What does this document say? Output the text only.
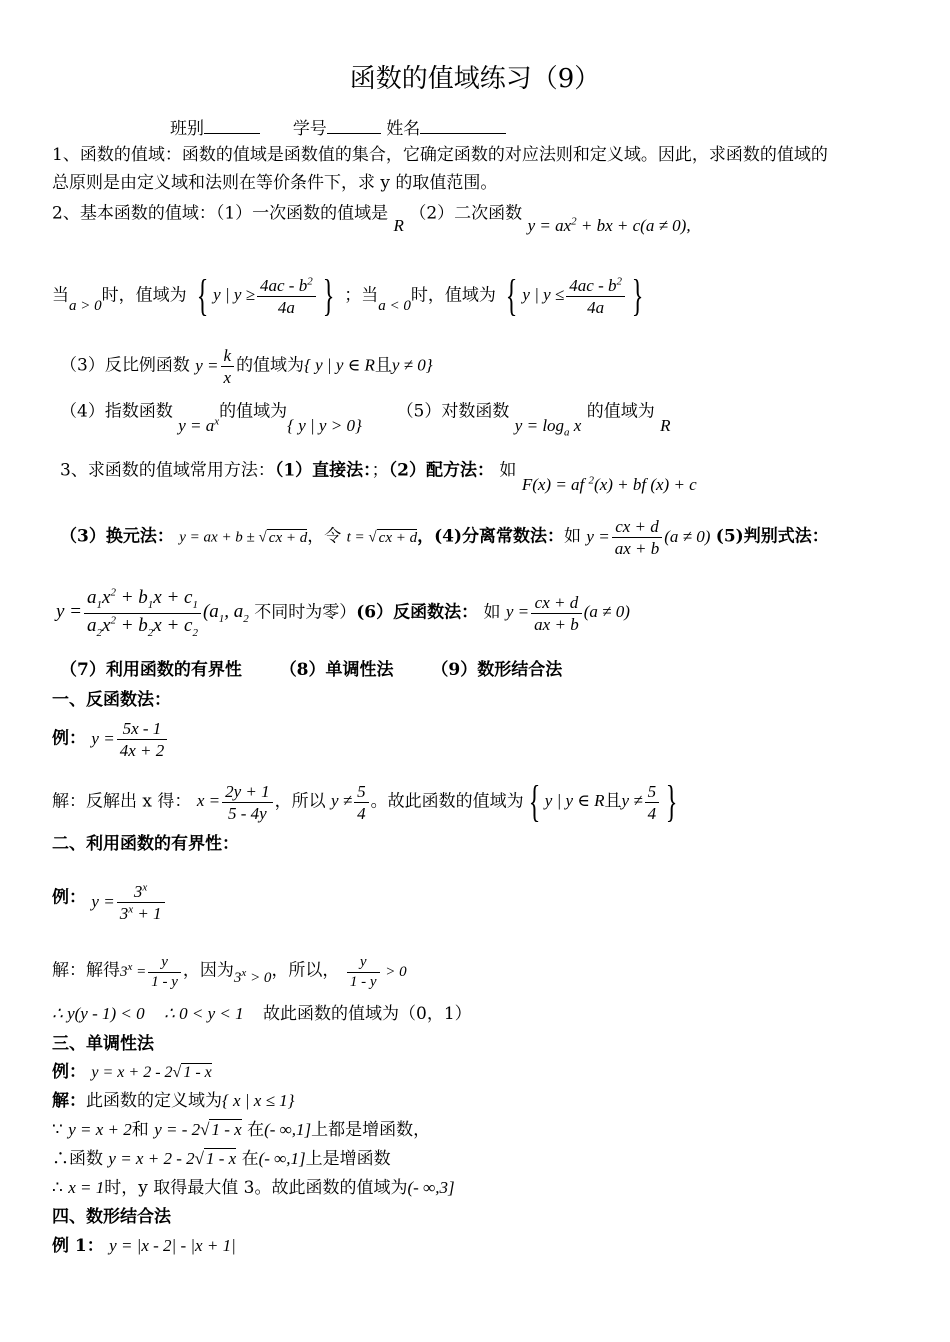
函数的值域练习（9）
班别	学号	姓名
1、函数的值域：函数的值域是函数值的集合，它确定函数的对应法则和定义域。因此，求函数的值域的
总原则是由定义域和法则在等价条件下，求 y 的取值范围。
2、基本函数的值域：（1）一次函数的值域是 R （2）二次函数 $y = ax^2$ + bx + c(a ≠ 0),
当a > 0时，值域为 { y | $y \ge \frac{4ac - b^2}{4a}$ } ；当a < 0时，值域为 { y | $y \le \frac{4ac - b^2}{4a}$ }
（3）反比例函数 $y = \frac{k}{x}$ 的值域为{ y | y ∈ R且y ≠ 0}
（4）指数函数 $y = a^x$的值域为{ y | y > 0}  （5）对数函数 $y = \log_a x$ 的值域为 R
3、求函数的值域常用方法：（1）直接法：；（2）配方法： 如 F(x) = af $^2$(x) + bf (x) + c
（3）换元法： y = ax + b ± √ cx + d，令 t = √ cx + d，(4)分离常数法：如 $y = \frac{cx + d}{ax + b} (a \ne 0)$ (5)判别式法：
$y = \frac{a_1x^2 + b_1x + c_1}{a_2x^2 + b_2x + c_2} (a_1$, $a_2$ 不同时为零）(6）反函数法： 如 $y = \frac{cx + d}{ax + b} (a \ne 0)$
（7）利用函数的有界性 （8）单调性法 （9）数形结合法
一、反函数法：
例： $y = \frac{5x - 1}{4x + 2}$
解：反解出 x 得： $x = \frac{2y + 1}{5 - 4y}$ ，所以 $y \ne \frac{5}{4}$ 。故此函数的值域为 { y | y ∈ R且$y \ne \frac{5}{4}$ }
二、利用函数的有界性：
例： $y = \frac{3^x}{3^x + 1}$
解：解得$3^x = \frac{y}{1 - y}$ ，因为$3^x > 0$，所以， $\frac{y}{1 - y} > 0$
∴ y(y - 1) < 0 ∴ 0 < y < 1 故此函数的值域为（0，1）
三、单调性法
例： y = x + 2 - 2√ 1 - x
解：此函数的定义域为{ x | x ≤ 1}
∵ y = x + 2和 y = - 2√ 1 - x 在(- ∞,1]上都是增函数，
∴函数 y = x + 2 - 2√ 1 - x 在(- ∞,1]上是增函数
∴ x = 1时，y 取得最大值 3。故此函数的值域为(- ∞,3]
四、数形结合法
例 1： y = |x - 2| - |x + 1|
